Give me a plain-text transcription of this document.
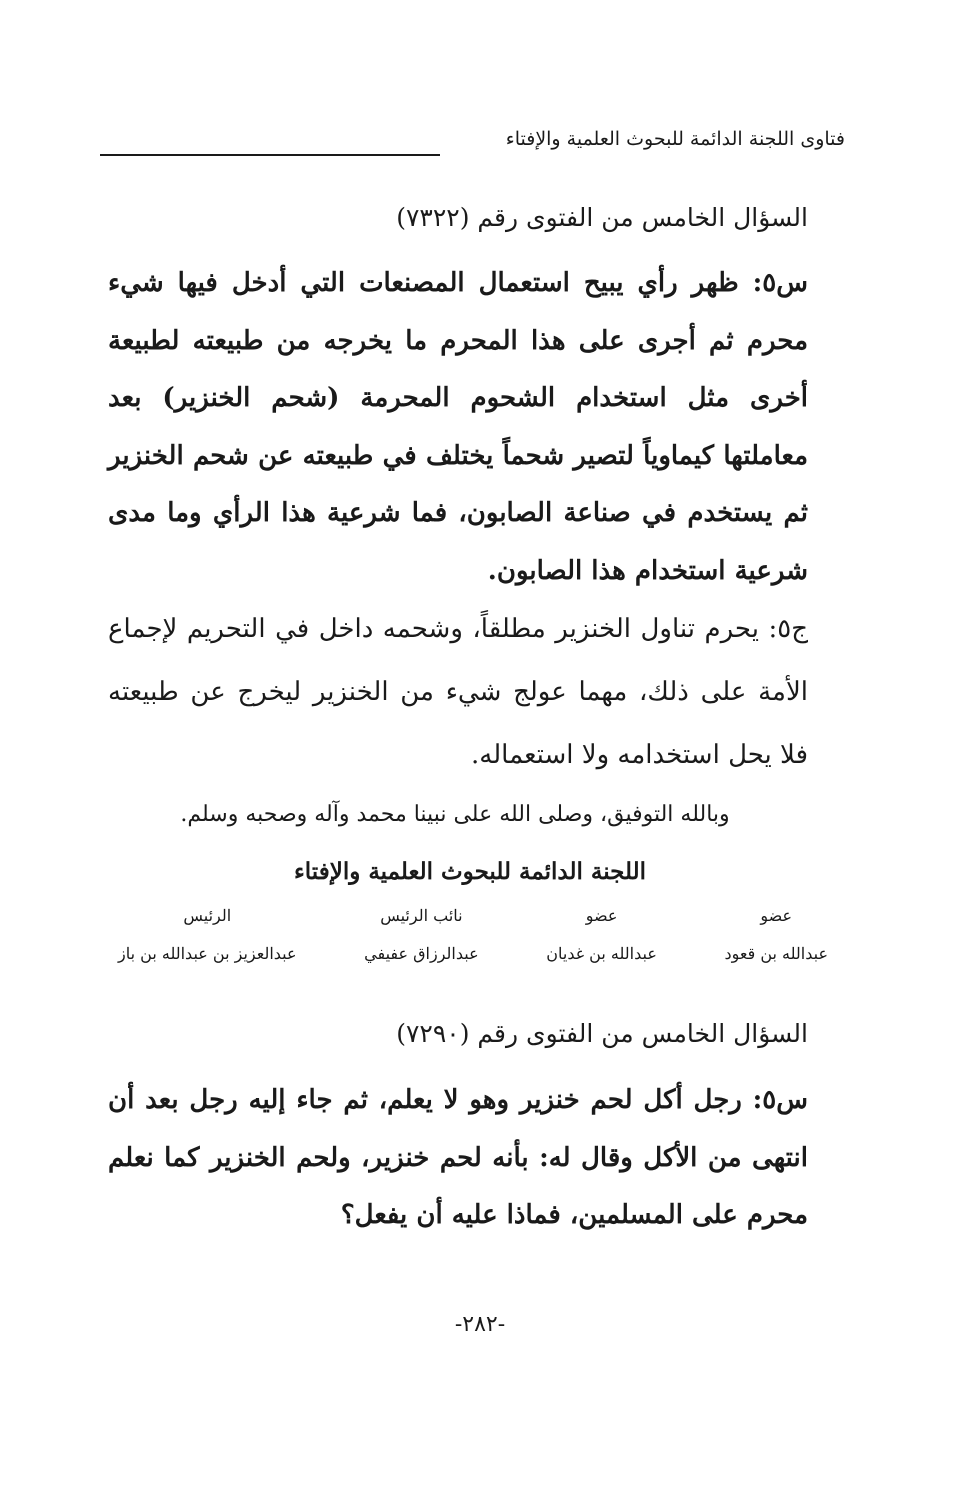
فتاوى اللجنة الدائمة للبحوث العلمية والإفتاء
السؤال الخامس من الفتوى رقم (٧٣٢٢)
س٥: ظهر رأي يبيح استعمال المصنعات التي أدخل فيها شيء محرم ثم أجرى على هذا المحرم ما يخرجه من طبيعته لطبيعة أخرى مثل استخدام الشحوم المحرمة (شحم الخنزير) بعد معاملتها كيماوياً لتصير شحماً يختلف في طبيعته عن شحم الخنزير ثم يستخدم في صناعة الصابون، فما شرعية هذا الرأي وما مدى شرعية استخدام هذا الصابون.
ج٥: يحرم تناول الخنزير مطلقاً، وشحمه داخل في التحريم لإجماع الأمة على ذلك، مهما عولج شيء من الخنزير ليخرج عن طبيعته فلا يحل استخدامه ولا استعماله.
وبالله التوفيق، وصلى الله على نبينا محمد وآله وصحبه وسلم.
اللجنة الدائمة للبحوث العلمية والإفتاء
عضو
عبدالله بن قعود
عضو
عبدالله بن غديان
نائب الرئيس
عبدالرزاق عفيفي
الرئيس
عبدالعزيز بن عبدالله بن باز
السؤال الخامس من الفتوى رقم (٧٢٩٠)
س٥: رجل أكل لحم خنزير وهو لا يعلم، ثم جاء إليه رجل بعد أن انتهى من الأكل وقال له: بأنه لحم خنزير، ولحم الخنزير كما نعلم محرم على المسلمين، فماذا عليه أن يفعل؟
-٢٨٢-
